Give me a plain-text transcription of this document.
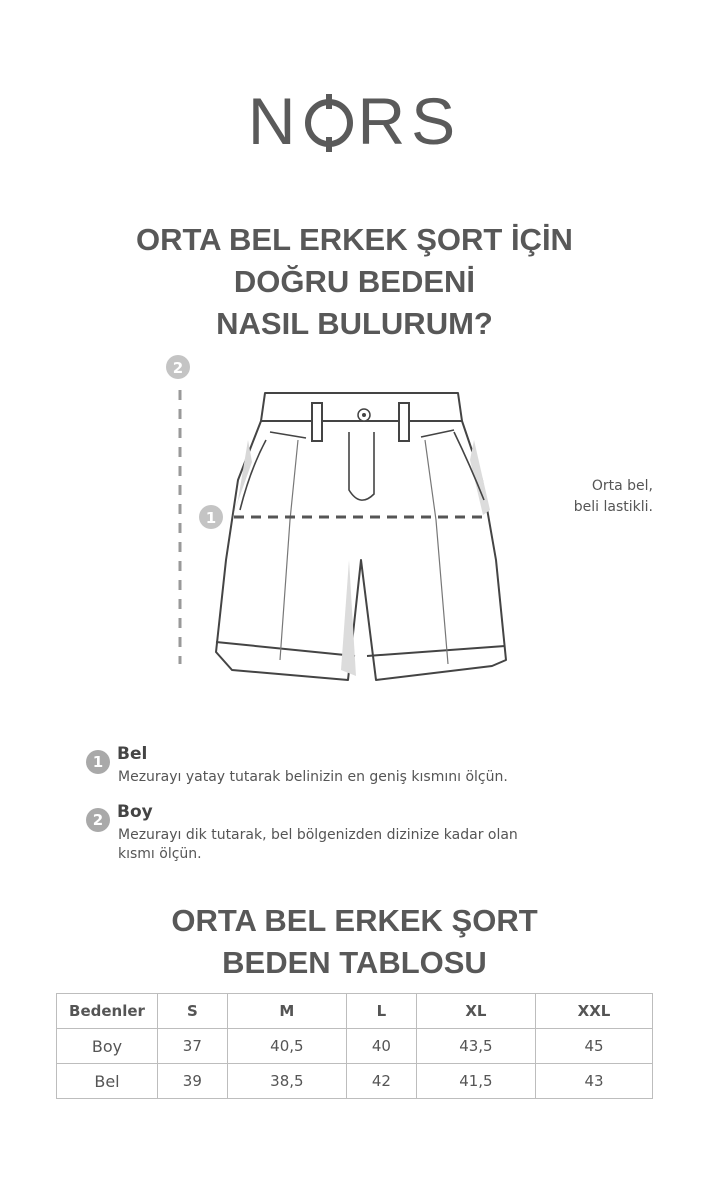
N RS
ORTA BEL ERKEK ŞORT İÇİN
DOĞRU BEDENİ
NASIL BULURUM?
2
1
Orta bel,
beli lastikli.
1 Bel
Mezurayı yatay tutarak belinizin en geniş kısmını ölçün.
2 Boy
Mezurayı dik tutarak, bel bölgenizden dizinize kadar olan kısmı ölçün.
ORTA BEL ERKEK ŞORT
BEDEN TABLOSU
Bedenler	S	M	L	XL	XXL
Boy	37	40,5	40	43,5	45
Bel	39	38,5	42	41,5	43
